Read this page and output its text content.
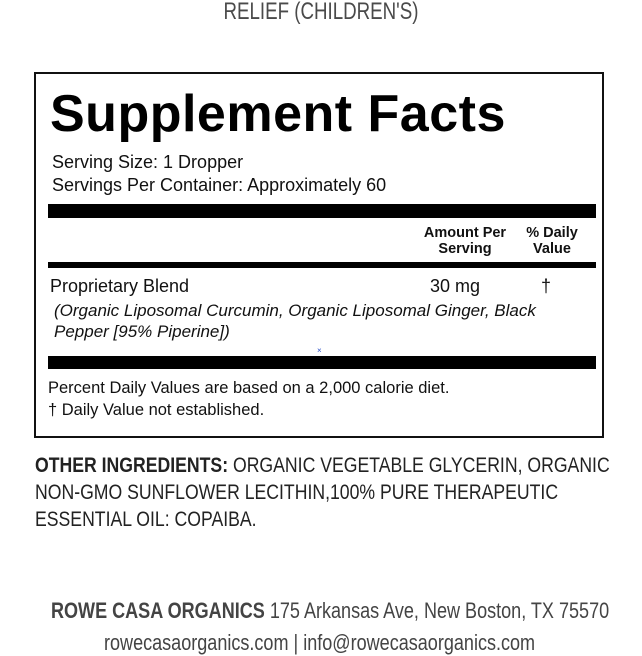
RELIEF (CHILDREN'S)
Supplement Facts
Serving Size: 1 Dropper
Servings Per Container: Approximately 60
Amount Per
Serving
% Daily
Value
Proprietary Blend	30 mg	†
(Organic Liposomal Curcumin, Organic Liposomal Ginger, Black Pepper [95% Piperine])
×
Percent Daily Values are based on a 2,000 calorie diet.
† Daily Value not established.
OTHER INGREDIENTS: ORGANIC VEGETABLE GLYCERIN, ORGANIC NON-GMO SUNFLOWER LECITHIN,100% PURE THERAPEUTIC ESSENTIAL OIL: COPAIBA.
ROWE CASA ORGANICS 175 Arkansas Ave, New Boston, TX 75570
rowecasaorganics.com | info@rowecasaorganics.com
